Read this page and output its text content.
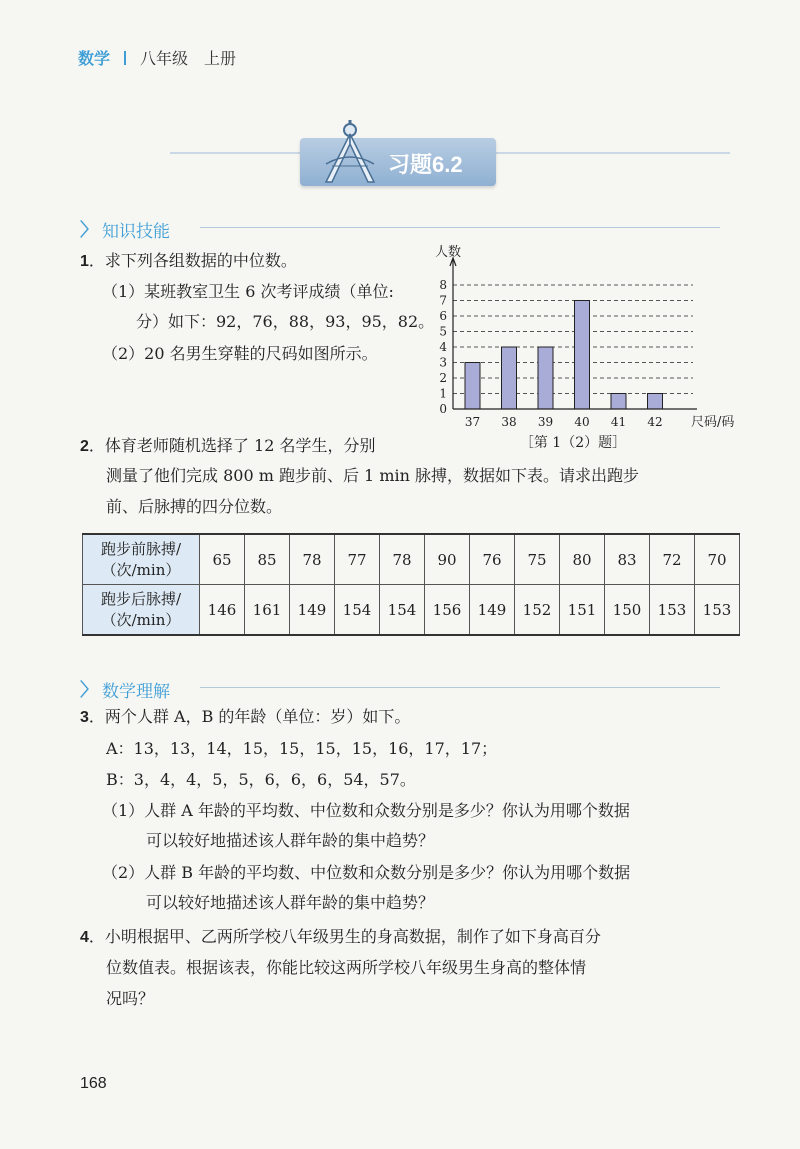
数学 八年级　上册
习题6.2
〉 知识技能
1．求下列各组数据的中位数。
（1）某班教室卫生 6 次考评成绩（单位:
分）如下：92，76，88，93，95，82。
（2）20 名男生穿鞋的尺码如图所示。
0
1
2
3
4
5
6
7
8
37 38 39 40 41 42
人数
尺码/码
［第 1（2）题］
2．体育老师随机选择了 12 名学生，分别
测量了他们完成 800 m 跑步前、后 1 min 脉搏，数据如下表。请求出跑步
前、后脉搏的四分位数。
跑步前脉搏/
（次/min）	65	85	78	77	78	90	76	75	80	83	72	70

跑步后脉搏/
（次/min）	146	161	149	154	154	156	149	152	151	150	153	153
〉 数学理解
3．两个人群 A，B 的年龄（单位：岁）如下。
A：13，13，14，15，15，15，15，16，17，17；
B：3，4，4，5，5，6，6，6，54，57。
（1）人群 A 年龄的平均数、中位数和众数分别是多少？你认为用哪个数据
可以较好地描述该人群年龄的集中趋势？
（2）人群 B 年龄的平均数、中位数和众数分别是多少？你认为用哪个数据
可以较好地描述该人群年龄的集中趋势？
4．小明根据甲、乙两所学校八年级男生的身高数据，制作了如下身高百分
位数值表。根据该表，你能比较这两所学校八年级男生身高的整体情
况吗？
168
